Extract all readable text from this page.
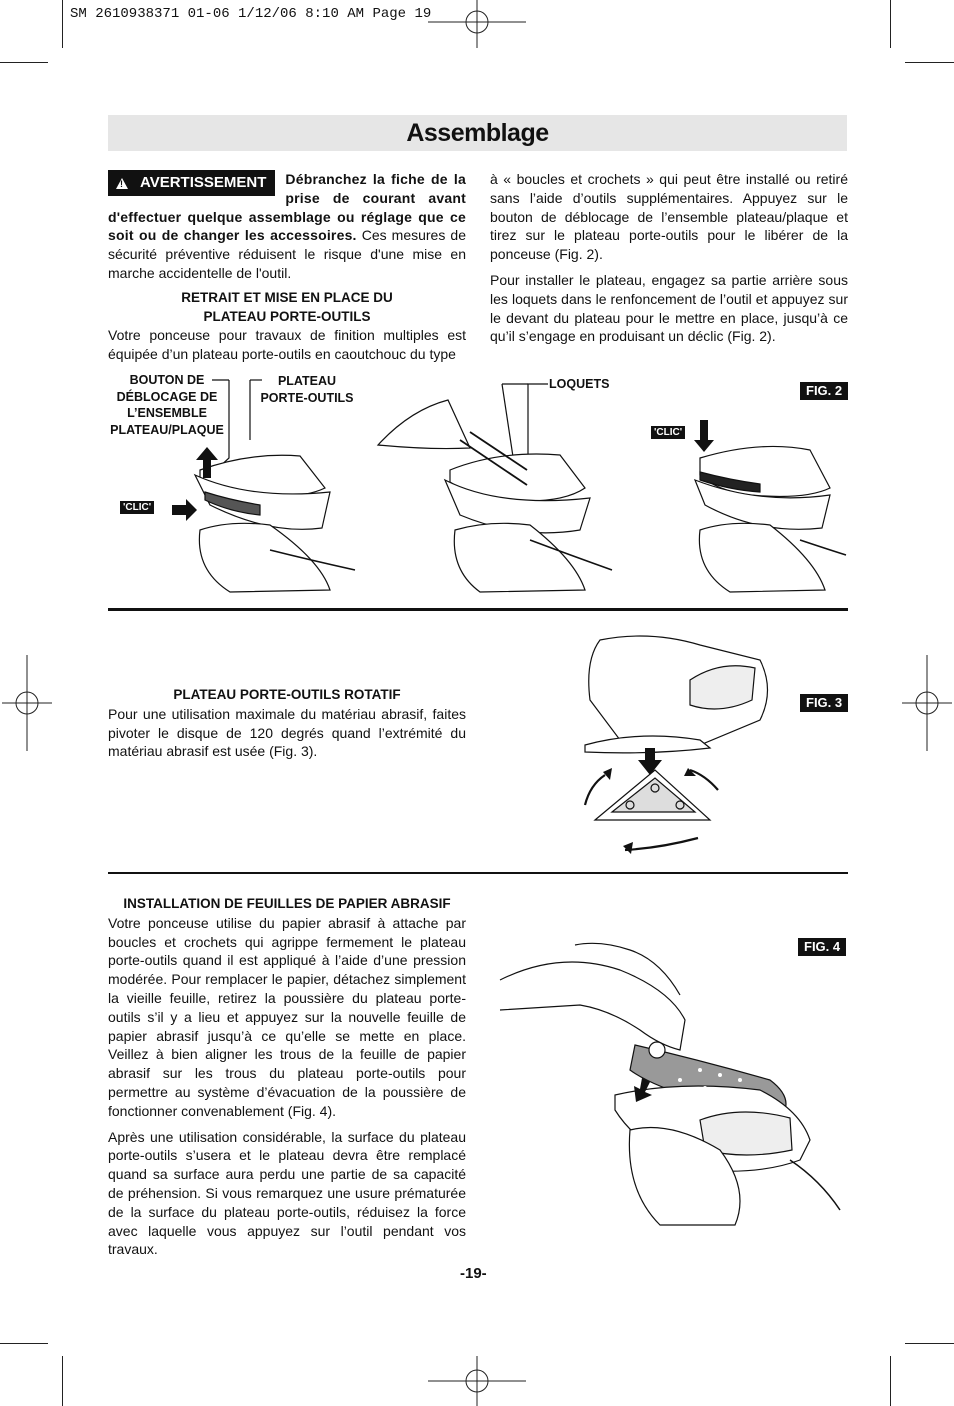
SM 2610938371 01-06 1/12/06 8:10 AM Page 19
Assemblage

! AVERTISSEMENT Débranchez la fiche de la prise de courant avant d'effectuer quelque assemblage ou réglage que ce soit ou de changer les accessoires. Ces mesures de sécurité préventive réduisent le risque d'une mise en marche accidentelle de l'outil.

RETRAIT ET MISE EN PLACE DU
PLATEAU PORTE-OUTILS

Votre ponceuse pour travaux de finition multiples est équipée d’un plateau porte-outils en caoutchouc du type

à « boucles et crochets » qui peut être installé ou retiré sans l’aide d’outils supplémentaires. Appuyez sur le bouton de déblocage de l’ensemble plateau/plaque et tirez sur le plateau porte-outils pour le libérer de la ponceuse (Fig. 2).

Pour installer le plateau, engagez sa partie arrière sous les loquets dans le renfoncement de l’outil et appuyez sur le devant du plateau pour le mettre en place, jusqu’à ce qu’il s’engage en produisant un déclic (Fig. 2).

FIG. 2
BOUTON DE
DÉBLOCAGE DE
L’ENSEMBLE
PLATEAU/PLAQUE
PLATEAU
PORTE-OUTILS
LOQUETS
'CLIC'
'CLIC'
PLATEAU PORTE-OUTILS ROTATIF

Pour une utilisation maximale du matériau abrasif, faites pivoter le disque de 120 degrés quand l’extrémité du matériau abrasif est usée (Fig. 3).

FIG. 3
INSTALLATION DE FEUILLES DE PAPIER ABRASIF

Votre ponceuse utilise du papier abrasif à attache par boucles et crochets qui agrippe fermement le plateau porte-outils quand il est appliqué à l’aide d’une pression modérée. Pour remplacer le papier, détachez simplement la vieille feuille, retirez la poussière du plateau porte-outils s’il y a lieu et appuyez sur la nouvelle feuille de papier abrasif jusqu’à ce qu’elle se mette en place. Veillez à bien aligner les trous de la feuille de papier abrasif sur les trous du plateau porte-outils pour permettre au système d’évacuation de la poussière de fonctionner convenablement (Fig. 4).

Après une utilisation considérable, la surface du plateau porte-outils s’usera et le plateau devra être remplacé quand sa surface aura perdu une partie de sa capacité de préhension. Si vous remarquez une usure prématurée de la surface du plateau porte-outils, réduisez la force avec laquelle vous appuyez sur l’outil pendant vos travaux.

FIG. 4
-19-
